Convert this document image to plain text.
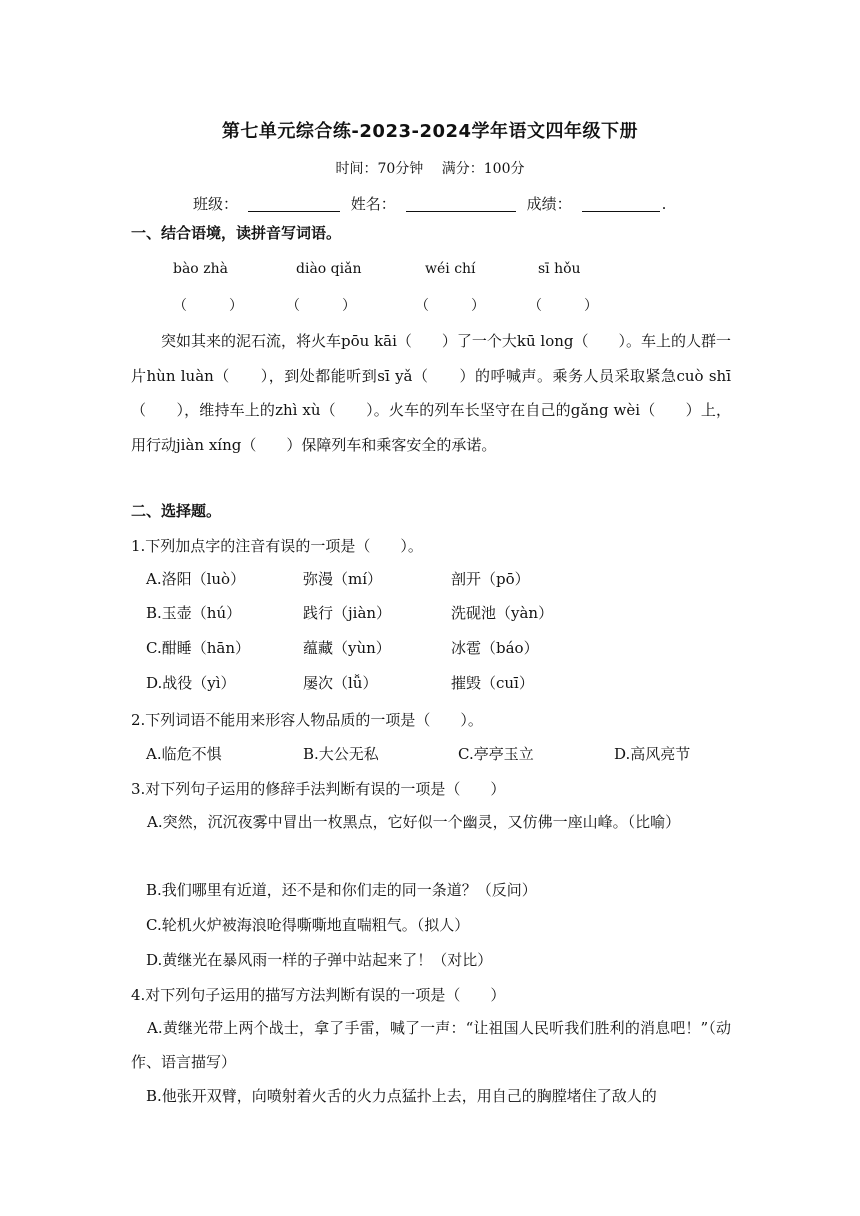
第七单元综合练-2023-2024学年语文四年级下册
时间：70分钟 满分：100分
班级：	姓名：	成绩：	.
一、结合语境，读拼音写词语。
bào zhà	diào qiǎn	wéi chí	sī hǒu
（　　　）	（　　　）	（　　　）	（　　　）
突如其来的泥石流，将火车pōu kāi（　　）了一个大kū long（　　）。车上的人群一片hùn luàn（　　），到处都能听到sī yǎ（　　）的呼喊声。乘务人员采取紧急cuò shī（　　），维持车上的zhì xù（　　）。火车的列车长坚守在自己的gǎng wèi（　　）上，用行动jiàn xíng（　　）保障列车和乘客安全的承诺。
二、选择题。
1.下列加点字的注音有误的一项是（　　）。
A.洛阳（luò）	弥漫（mí）	剖开（pō）
B.玉壶（hú）	践行（jiàn）	洗砚池（yàn）
C.酣睡（hān）	蕴藏（yùn）	冰雹（báo）
D.战役（yì）	屡次（lǚ）	摧毁（cuī）
2.下列词语不能用来形容人物品质的一项是（　　）。
A.临危不惧	B.大公无私	C.亭亭玉立	D.高风亮节
3.对下列句子运用的修辞手法判断有误的一项是（　　）
A.突然，沉沉夜雾中冒出一枚黑点，它好似一个幽灵，又仿佛一座山峰。（比喻）
B.我们哪里有近道，还不是和你们走的同一条道？（反问）
C.轮机火炉被海浪呛得嘶嘶地直喘粗气。（拟人）
D.黄继光在暴风雨一样的子弹中站起来了！（对比）
4.对下列句子运用的描写方法判断有误的一项是（　　）
A.黄继光带上两个战士，拿了手雷，喊了一声：“让祖国人民听我们胜利的消息吧！”（动作、语言描写）
B.他张开双臂，向喷射着火舌的火力点猛扑上去，用自己的胸膛堵住了敌人的
